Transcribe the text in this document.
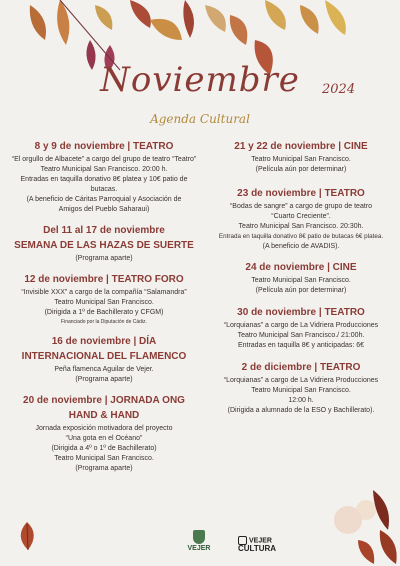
Noviembre	2024
Agenda Cultural
8 y 9 de noviembre | TEATRO
“El orgullo de Albacete” a cargo del grupo de teatro “Teatro”
Teatro Municipal San Francisco. 20:00 h.
Entradas en taquilla donativo 8€ platea y 10€ patio de
butacas.
(A beneficio de Cáritas Parroquial y Asociación de
Amigos del Pueblo Saharaui)
Del 11 al 17 de noviembre
SEMANA DE LAS HAZAS DE SUERTE
(Programa aparte)
12 de noviembre | TEATRO FORO
“Invisible XXX” a cargo de la compañía “Salamandra”
Teatro Municipal San Francisco.
(Dirigida a 1º de Bachillerato y CFGM)
Financiado por la Diputación de Cádiz.
16 de noviembre | DÍA
INTERNACIONAL DEL FLAMENCO
Peña flamenca Aguilar de Vejer.
(Programa aparte)
20 de noviembre | JORNADA ONG
HAND & HAND
Jornada exposición motivadora del proyecto
“Una gota en el Océano”
(Dirigida a 4º o 1º de Bachillerato)
Teatro Municipal San Francisco.
(Programa aparte)
21 y 22 de noviembre | CINE
Teatro Municipal San Francisco.
(Película aún por determinar)
23 de noviembre | TEATRO
“Bodas de sangre” a cargo de grupo de teatro
“Cuarto Creciente”.
Teatro Municipal San Francisco. 20:30h.
Entrada en taquilla donativo 8€ patio de butacas 6€ platea.
(A beneficio de AVADIS).
24 de noviembre | CINE
Teatro Municipal San Francisco.
(Película aún por determinar)
30 de noviembre | TEATRO
“Lorquianas” a cargo de La Vidriera Producciones
Teatro Municipal San Francisco./ 21:00h.
Entradas en taquilla 8€ y anticipadas: 6€
2 de diciembre | TEATRO
“Lorquianas” a cargo de La Vidriera Producciones
Teatro Municipal San Francisco.
12:00 h.
(Dirigida a alumnado de la ESO y Bachillerato).
VEJER
VEJER
CULTURA
